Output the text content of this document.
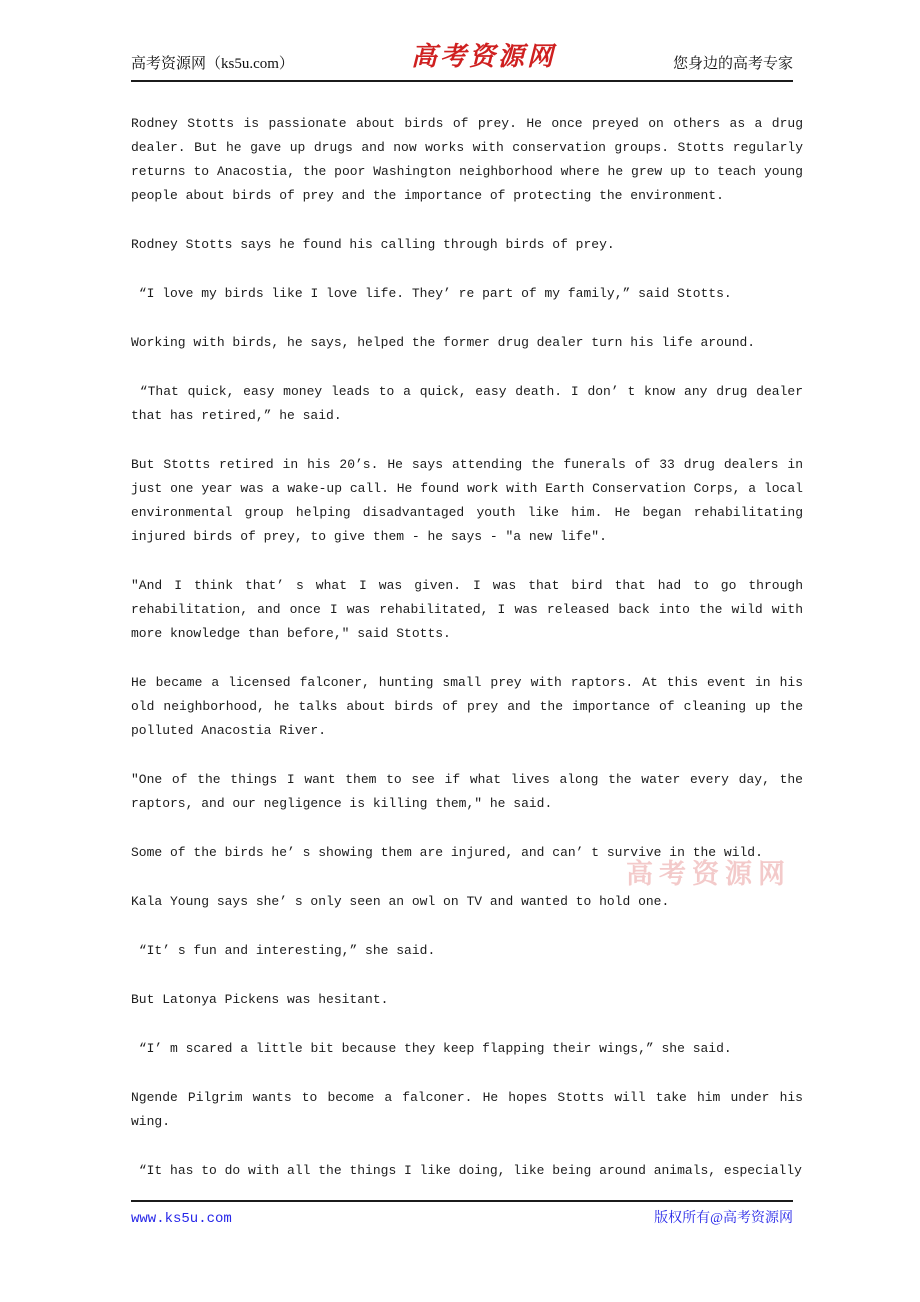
高考资源网（ks5u.com）	高考资源网	您身边的高考专家
高考资源网

Rodney Stotts is passionate about birds of prey. He once preyed on others as a drug dealer. But he gave up drugs and now works with conservation groups. Stotts regularly returns to Anacostia, the poor Washington neighborhood where he grew up to teach young people about birds of prey and the importance of protecting the environment.

Rodney Stotts says he found his calling through birds of prey.

“I love my birds like I love life. They’ re part of my family,” said Stotts.

Working with birds, he says, helped the former drug dealer turn his life around.

“That quick, easy money leads to a quick, easy death. I don’ t know any drug dealer that has retired,” he said.

But Stotts retired in his 20’s. He says attending the funerals of 33 drug dealers in just one year was a wake-up call. He found work with Earth Conservation Corps, a local environmental group helping disadvantaged youth like him. He began rehabilitating injured birds of prey, to give them - he says - ″a new life″.

″And I think that’ s what I was given. I was that bird that had to go through rehabilitation, and once I was rehabilitated, I was released back into the wild with more knowledge than before,″ said Stotts.

He became a licensed falconer, hunting small prey with raptors. At this event in his old neighborhood, he talks about birds of prey and the importance of cleaning up the polluted Anacostia River.

″One of the things I want them to see if what lives along the water every day, the raptors, and our negligence is killing them,″ he said.

Some of the birds he’ s showing them are injured, and can’ t survive in the wild.

Kala Young says she’ s only seen an owl on TV and wanted to hold one.

“It’ s fun and interesting,” she said.

But Latonya Pickens was hesitant.

“I’ m scared a little bit because they keep flapping their wings,” she said.

Ngende Pilgrim wants to become a falconer. He hopes Stotts will take him under his wing.

“It has to do with all the things I like doing, like being around animals, especially

www.ks5u.com	版权所有@高考资源网
